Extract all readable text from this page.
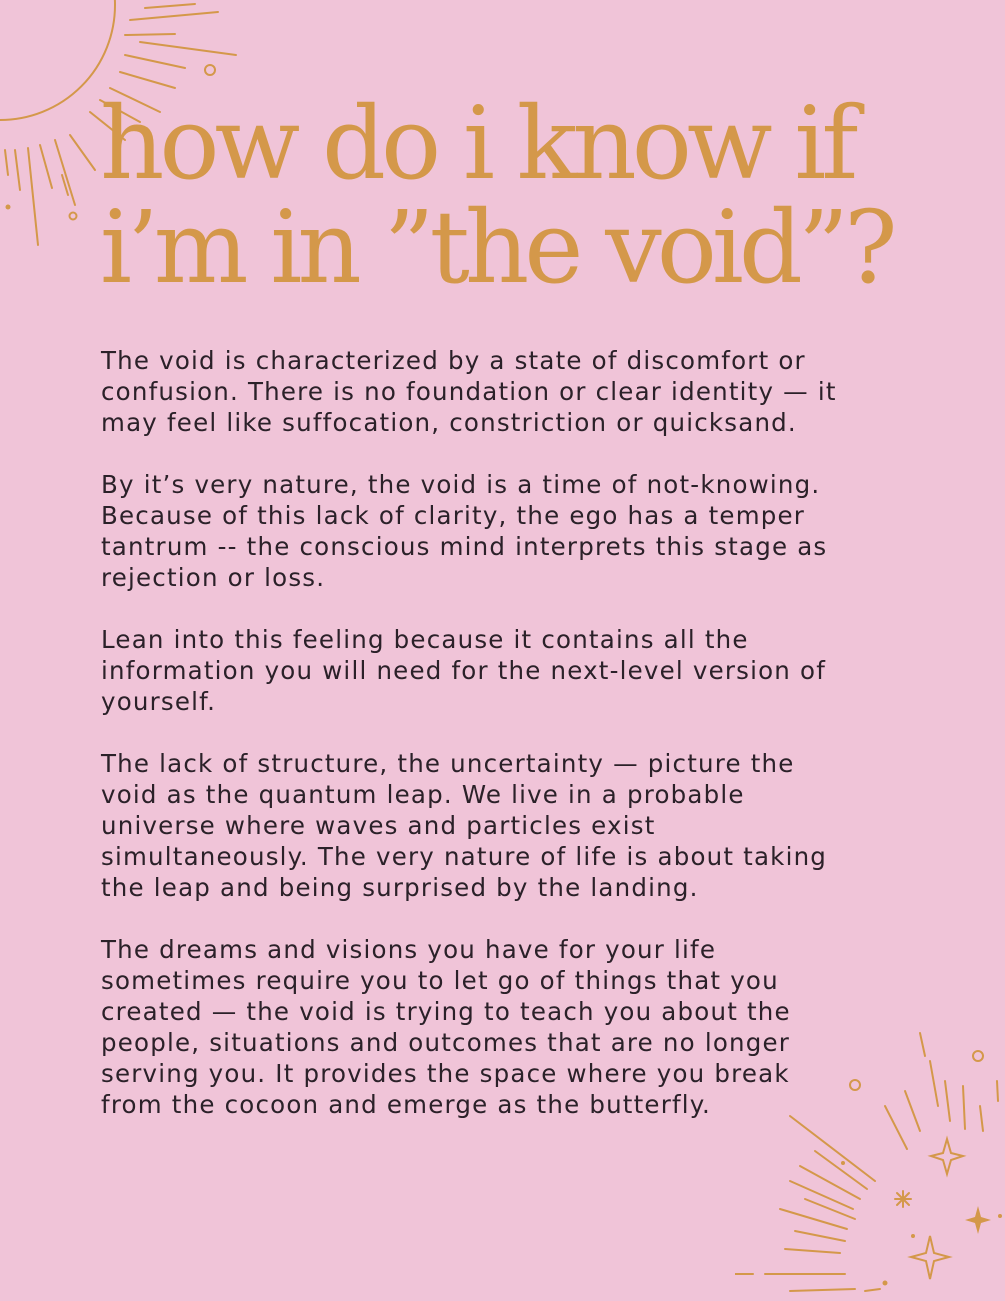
how do i know if
i’m in ”the void”?

The void is characterized by a state of discomfort or
confusion. There is no foundation or clear identity — it
may feel like suffocation, constriction or quicksand.

By it’s very nature, the void is a time of not-knowing.
Because of this lack of clarity, the ego has a temper
tantrum -- the conscious mind interprets this stage as
rejection or loss.

Lean into this feeling because it contains all the
information you will need for the next-level version of
yourself.

The lack of structure, the uncertainty — picture the
void as the quantum leap. We live in a probable
universe where waves and particles exist
simultaneously. The very nature of life is about taking
the leap and being surprised by the landing.

The dreams and visions you have for your life
sometimes require you to let go of things that you
created — the void is trying to teach you about the
people, situations and outcomes that are no longer
serving you. It provides the space where you break
from the cocoon and emerge as the butterfly.
